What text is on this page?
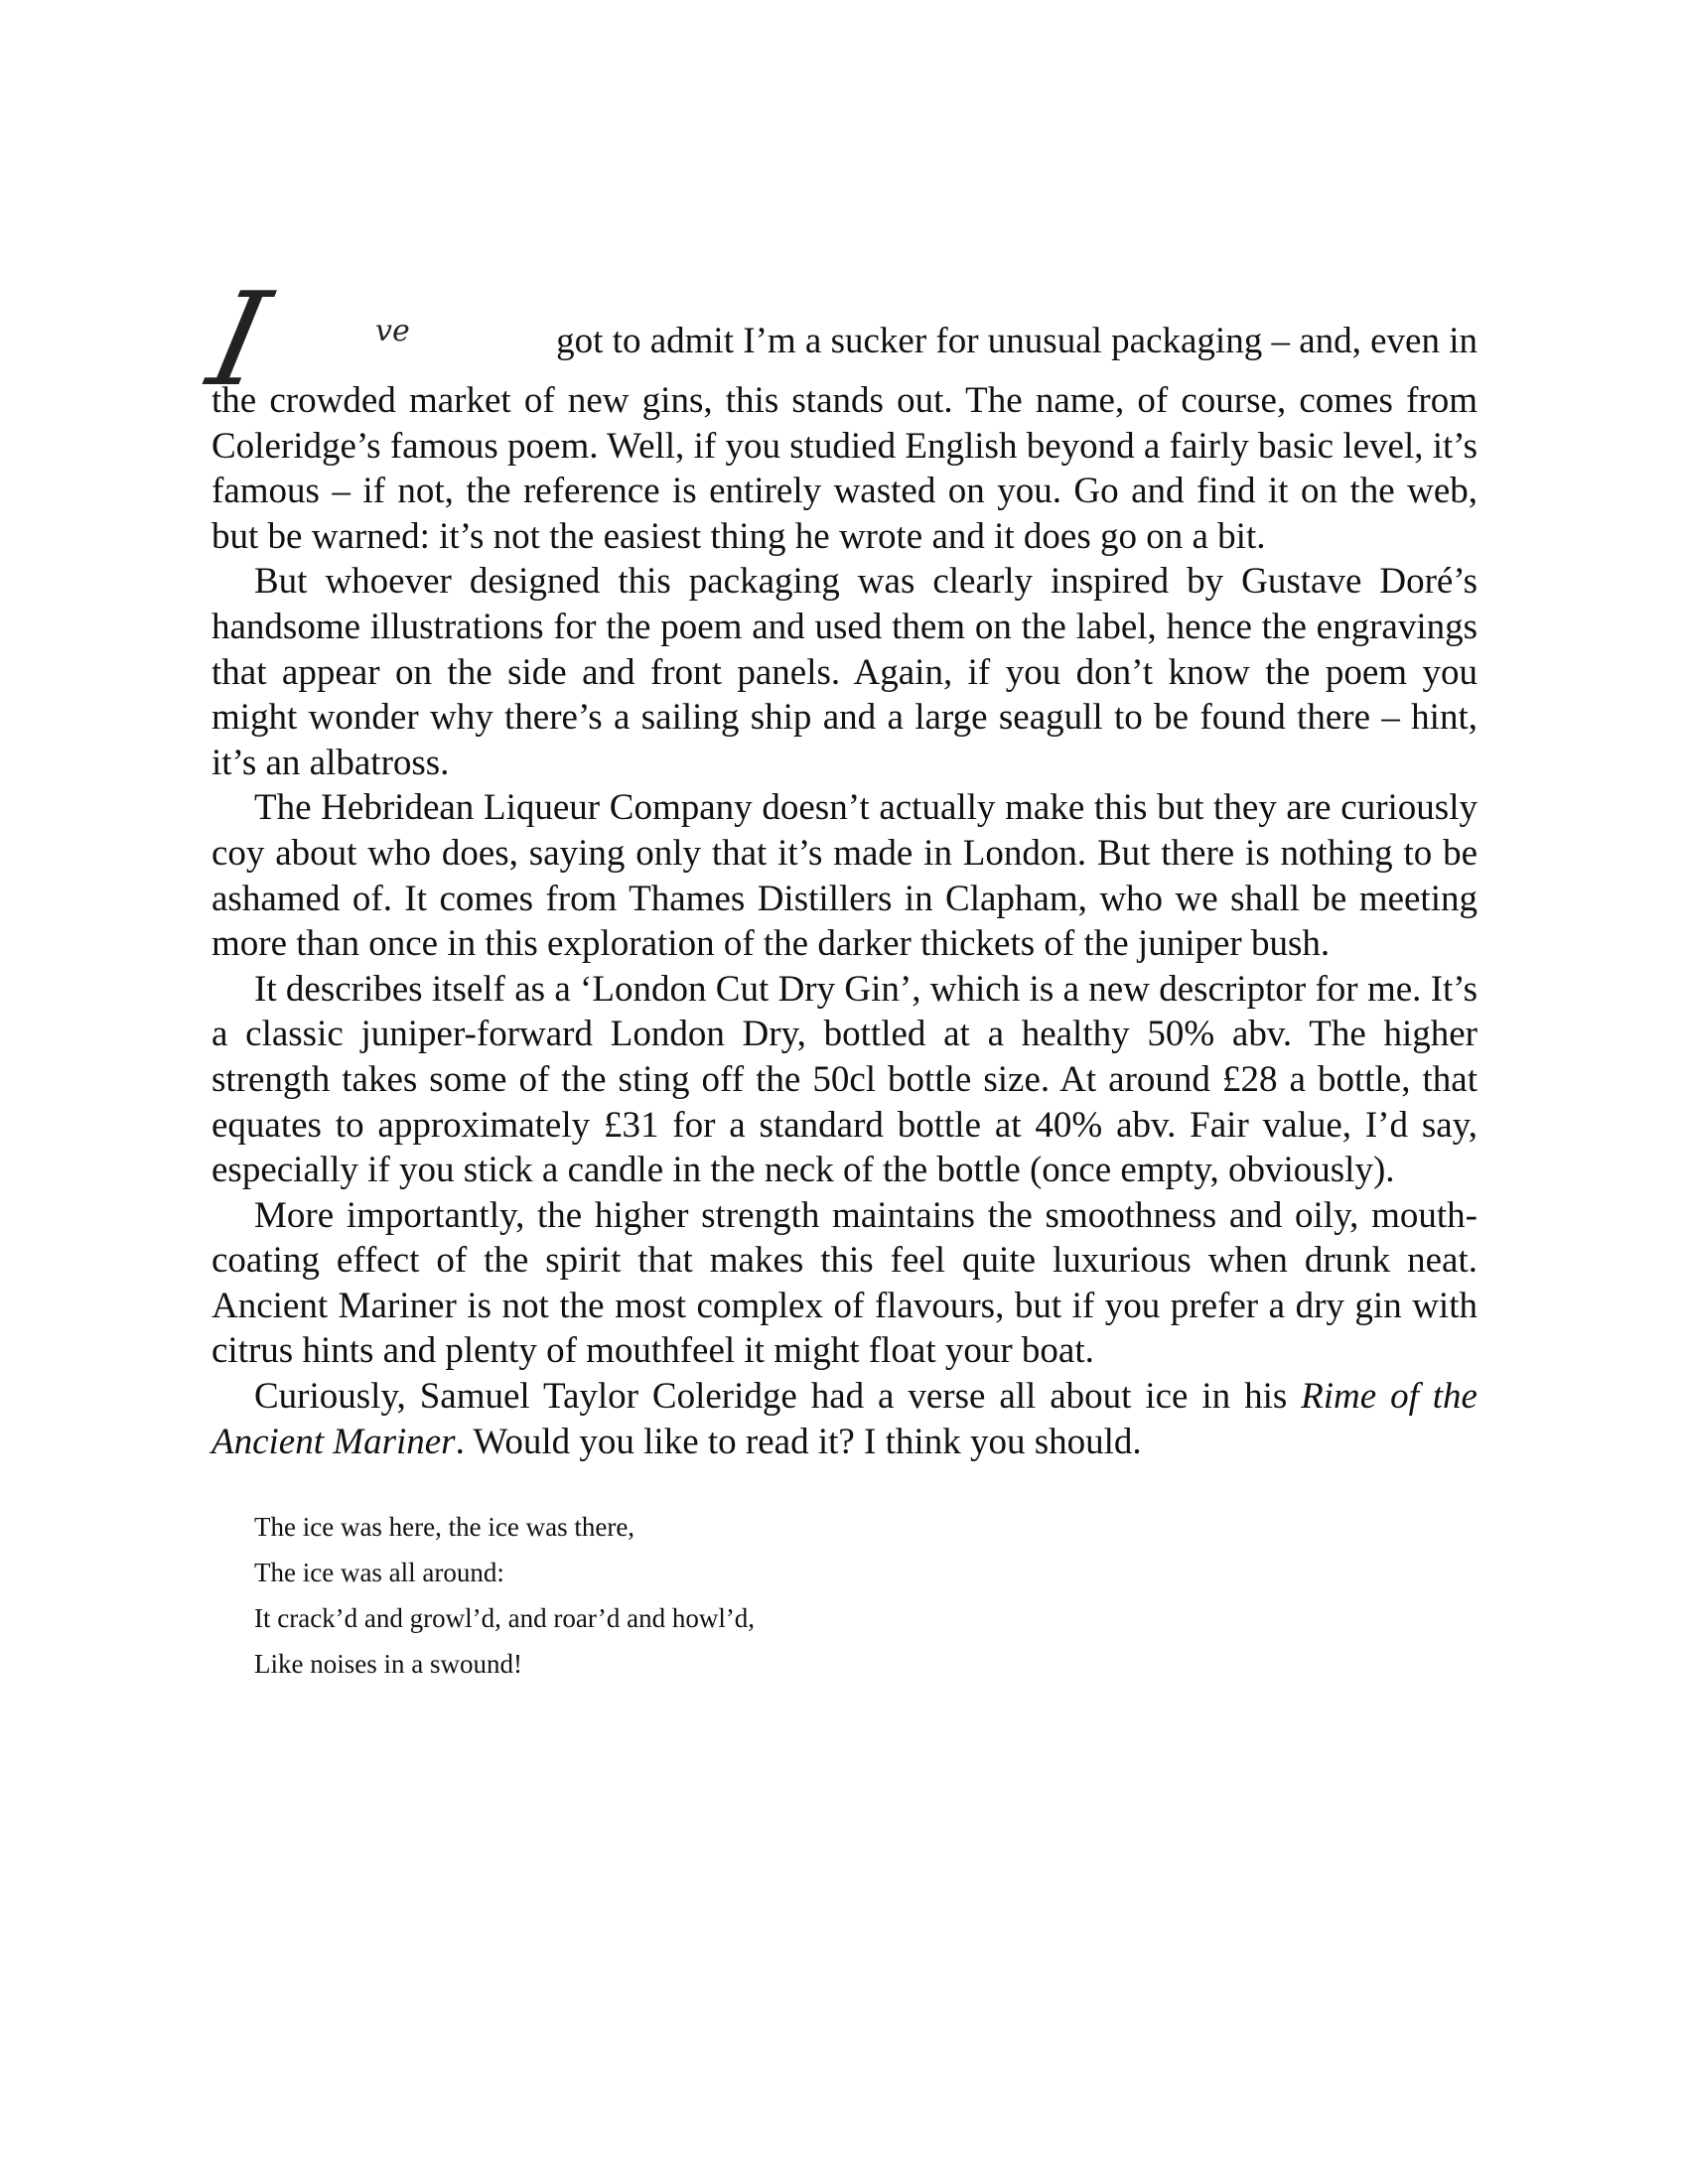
I	ve	got to admit I’m a sucker for unusual packaging – and, even in
the crowded market of new gins, this stands out. The name, of course, comes from Coleridge’s famous poem. Well, if you studied English beyond a fairly basic level, it’s famous – if not, the reference is entirely wasted on you. Go and find it on the web, but be warned: it’s not the easiest thing he wrote and it does go on a bit.

But whoever designed this packaging was clearly inspired by Gustave Doré’s handsome illustrations for the poem and used them on the label, hence the engravings that appear on the side and front panels. Again, if you don’t know the poem you might wonder why there’s a sailing ship and a large seagull to be found there – hint, it’s an albatross.

The Hebridean Liqueur Company doesn’t actually make this but they are curiously coy about who does, saying only that it’s made in London. But there is nothing to be ashamed of. It comes from Thames Distillers in Clapham, who we shall be meeting more than once in this exploration of the darker thickets of the juniper bush.

It describes itself as a ‘London Cut Dry Gin’, which is a new descriptor for me. It’s a classic juniper-forward London Dry, bottled at a healthy 50% abv. The higher strength takes some of the sting off the 50cl bottle size. At around £28 a bottle, that equates to approximately £31 for a standard bottle at 40% abv. Fair value, I’d say, especially if you stick a candle in the neck of the bottle (once empty, obviously).

More importantly, the higher strength maintains the smoothness and oily, mouth-coating effect of the spirit that makes this feel quite luxurious when drunk neat. Ancient Mariner is not the most complex of flavours, but if you prefer a dry gin with citrus hints and plenty of mouthfeel it might float your boat.

Curiously, Samuel Taylor Coleridge had a verse all about ice in his Rime of the Ancient Mariner. Would you like to read it? I think you should.

The ice was here, the ice was there,
The ice was all around:
It crack’d and growl’d, and roar’d and howl’d,
Like noises in a swound!
